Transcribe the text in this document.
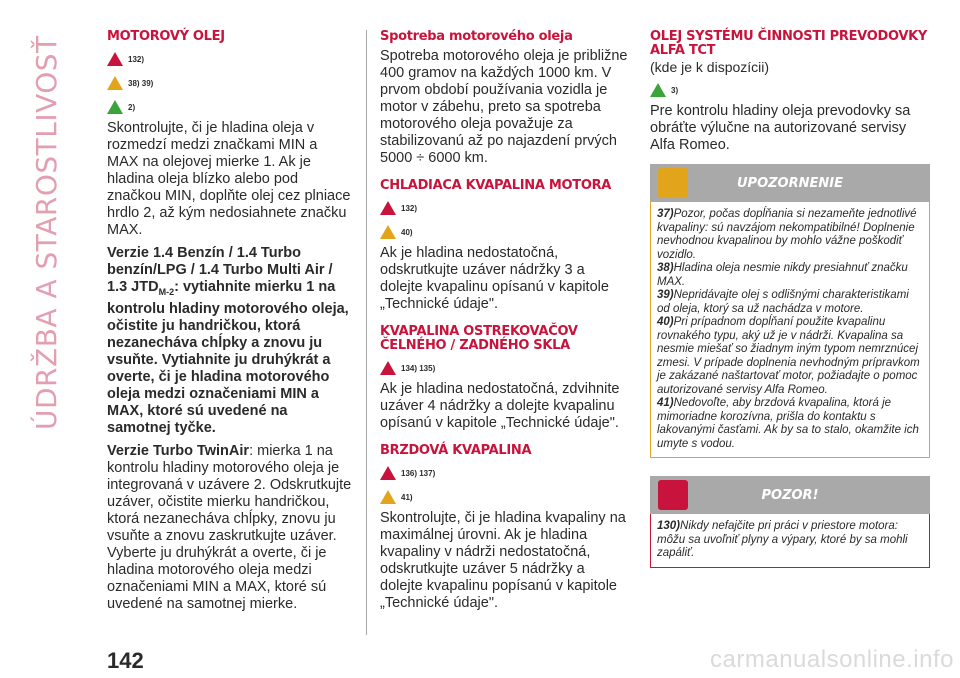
ÚDRŽBA A STAROSTLIVOSŤ	MOTOROVÝ OLEJ
132)
38) 39)
2)

Skontrolujte, či je hladina oleja v rozmedzí medzi značkami MIN a MAX na olejovej mierke 1. Ak je hladina oleja blízko alebo pod značkou MIN, doplňte olej cez plniace hrdlo 2, až kým nedosiahnete značku MAX.

Verzie 1.4 Benzín / 1.4 Turbo benzín/LPG / 1.4 Turbo Multi Air / 1.3 $JTD_{M-2}$: vytiahnite mierku 1 na kontrolu hladiny motorového oleja, očistite ju handričkou, ktorá nezanecháva chĺpky a znovu ju vsuňte. Vytiahnite ju druhýkrát a overte, či je hladina motorového oleja medzi označeniami MIN a MAX, ktoré sú uvedené na samotnej tyčke.

Verzie Turbo TwinAir: mierka 1 na kontrolu hladiny motorového oleja je integrovaná v uzávere 2. Odskrutkujte uzáver, očistite mierku handričkou, ktorá nezanecháva chĺpky, znovu ju vsuňte a znovu zaskrutkujte uzáver. Vyberte ju druhýkrát a overte, či je hladina motorového oleja medzi označeniami MIN a MAX, ktoré sú uvedené na samotnej mierke.

Spotreba motorového oleja

Spotreba motorového oleja je približne 400 gramov na každých 1000 km. V prvom období používania vozidla je motor v zábehu, preto sa spotreba motorového oleja považuje za stabilizovanú až po najazdení prvých 5000 ÷ 6000 km.

CHLADIACA KVAPALINA MOTORA
132)
40)

Ak je hladina nedostatočná, odskrutkujte uzáver nádržky 3 a dolejte kvapalinu opísanú v kapitole „Technické údaje".

KVAPALINA OSTREKOVAČOV ČELNÉHO / ZADNÉHO SKLA
134) 135)

Ak je hladina nedostatočná, zdvihnite uzáver 4 nádržky a dolejte kvapalinu opísanú v kapitole „Technické údaje".

BRZDOVÁ KVAPALINA
136) 137)
41)

Skontrolujte, či je hladina kvapaliny na maximálnej úrovni. Ak je hladina kvapaliny v nádrži nedostatočná, odskrutkujte uzáver 5 nádržky a dolejte kvapalinu popísanú v kapitole „Technické údaje".

OLEJ SYSTÉMU ČINNOSTI PREVODOVKY ALFA TCT
(kde je k dispozícii)
3)

Pre kontrolu hladiny oleja prevodovky sa obráťte výlučne na autorizované servisy Alfa Romeo.

UPOZORNENIE

37)Pozor, počas dopĺňania si nezameňte jednotlivé kvapaliny: sú navzájom nekompatibilné! Doplnenie nevhodnou kvapalinou by mohlo vážne poškodiť vozidlo.

38)Hladina oleja nesmie nikdy presiahnuť značku MAX.

39)Nepridávajte olej s odlišnými charakteristikami od oleja, ktorý sa už nachádza v motore.

40)Pri prípadnom dopĺňaní použite kvapalinu rovnakého typu, aký už je v nádrži. Kvapalina sa nesmie miešať so žiadnym iným typom nemrznúcej zmesi. V prípade doplnenia nevhodným prípravkom je zakázané naštartovať motor, požiadajte o pomoc autorizované servisy Alfa Romeo.

41)Nedovoľte, aby brzdová kvapalina, ktorá je mimoriadne korozívna, prišla do kontaktu s lakovanými časťami. Ak by sa to stalo, okamžite ich umyte s vodou.

POZOR!

130)Nikdy nefajčite pri práci v priestore motora: môžu sa uvoľniť plyny a výpary, ktoré by sa mohli zapáliť.

142	carmanualsonline.info
